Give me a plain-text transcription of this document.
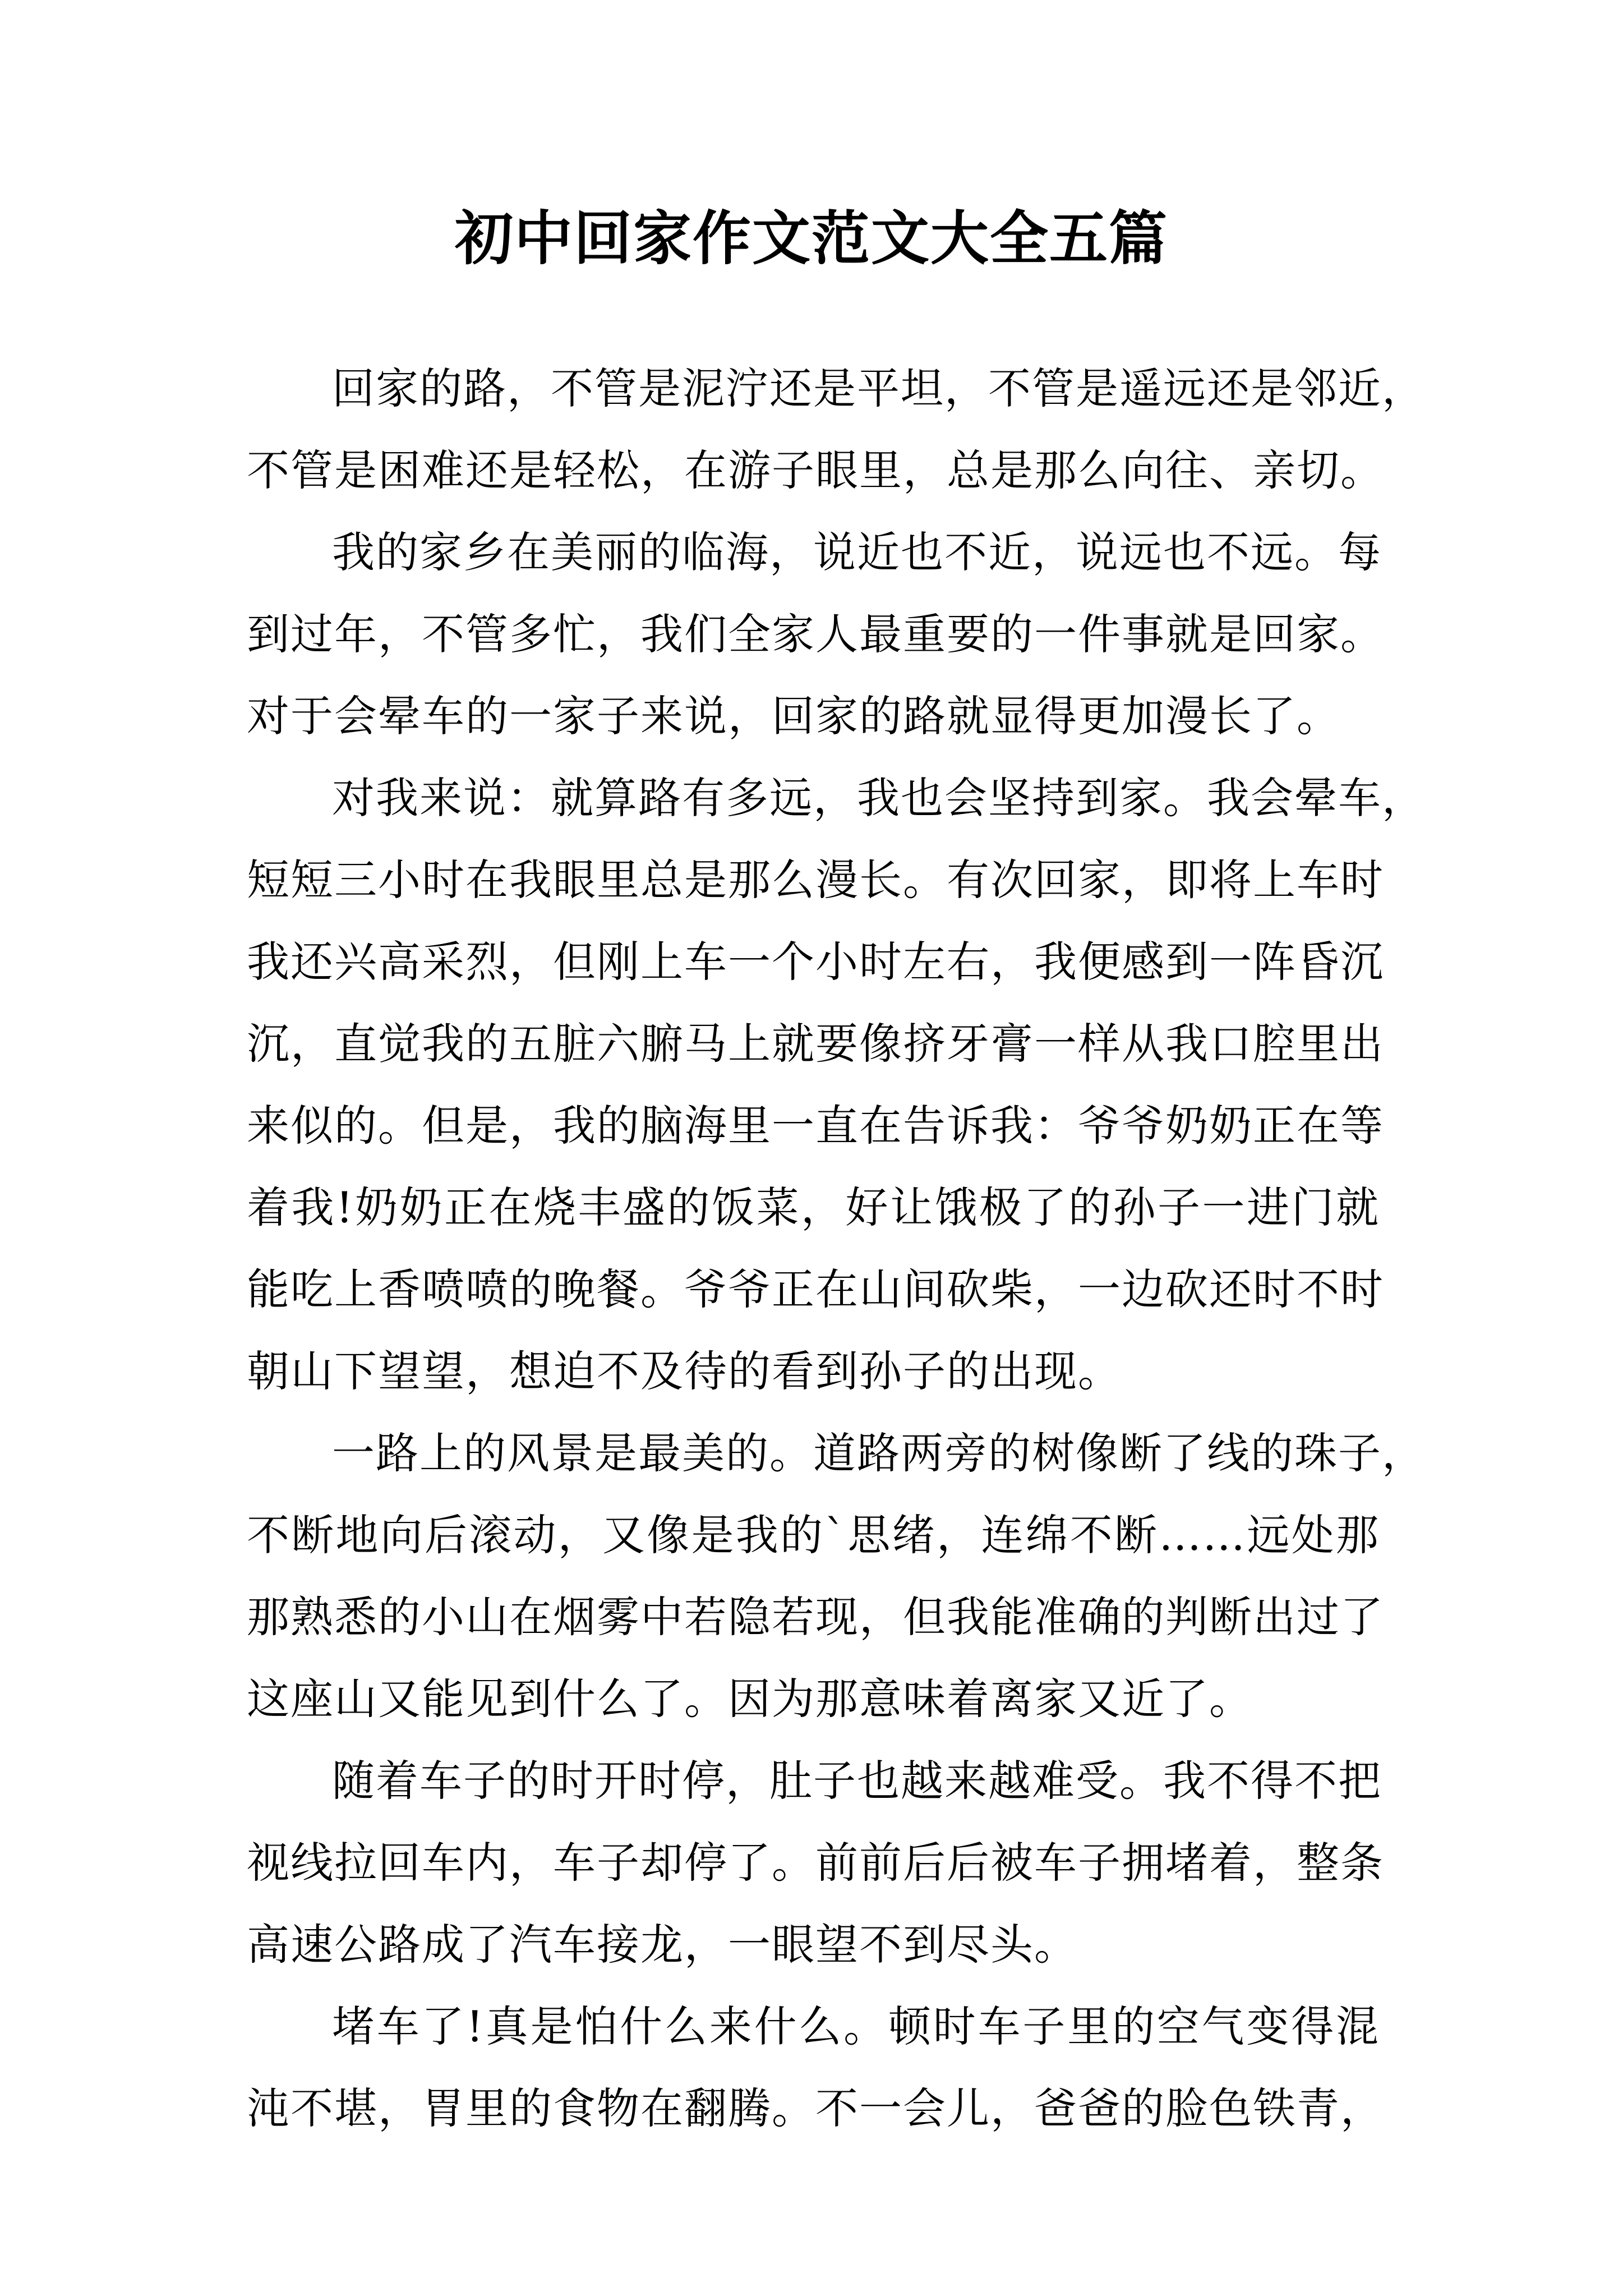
初中回家作文范文大全五篇
回家的路，不管是泥泞还是平坦，不管是遥远还是邻近，
不管是困难还是轻松，在游子眼里，总是那么向往、亲切。
我的家乡在美丽的临海，说近也不近，说远也不远。每
到过年，不管多忙，我们全家人最重要的一件事就是回家。
对于会晕车的一家子来说，回家的路就显得更加漫长了。
对我来说：就算路有多远，我也会坚持到家。我会晕车，
短短三小时在我眼里总是那么漫长。有次回家，即将上车时
我还兴高采烈，但刚上车一个小时左右，我便感到一阵昏沉
沉，直觉我的五脏六腑马上就要像挤牙膏一样从我口腔里出
来似的。但是，我的脑海里一直在告诉我：爷爷奶奶正在等
着我!奶奶正在烧丰盛的饭菜，好让饿极了的孙子一进门就
能吃上香喷喷的晚餐。爷爷正在山间砍柴，一边砍还时不时
朝山下望望，想迫不及待的看到孙子的出现。
一路上的风景是最美的。道路两旁的树像断了线的珠子，
不断地向后滚动，又像是我的`思绪，连绵不断……远处那
那熟悉的小山在烟雾中若隐若现，但我能准确的判断出过了
这座山又能见到什么了。因为那意味着离家又近了。
随着车子的时开时停，肚子也越来越难受。我不得不把
视线拉回车内，车子却停了。前前后后被车子拥堵着，整条
高速公路成了汽车接龙，一眼望不到尽头。
堵车了!真是怕什么来什么。顿时车子里的空气变得混
沌不堪，胃里的食物在翻腾。不一会儿，爸爸的脸色铁青，
